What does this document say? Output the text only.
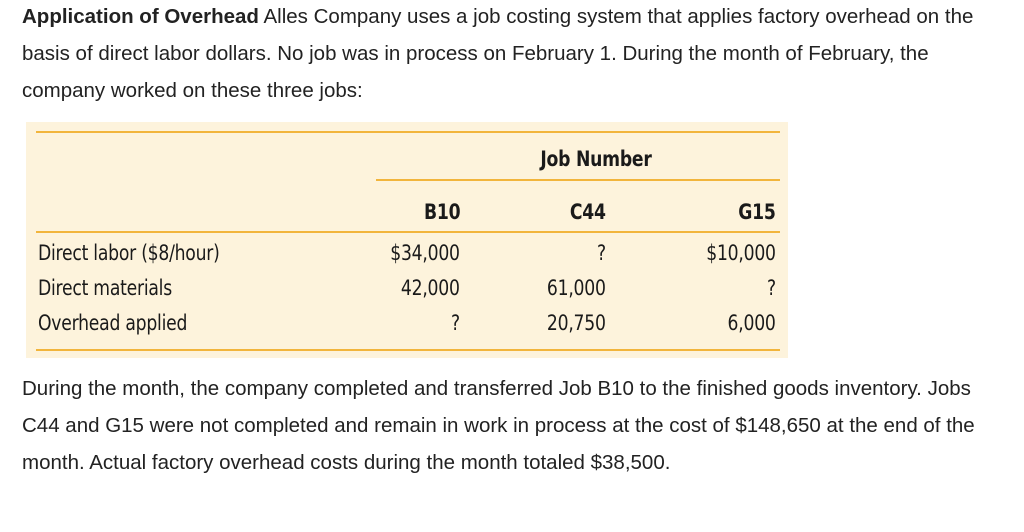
Application of Overhead Alles Company uses a job costing system that applies factory overhead on the basis of direct labor dollars. No job was in process on February 1. During the month of February, the company worked on these three jobs:

Job Number
B10	C44	G15
Direct labor ($8/hour)	$34,000	?	$10,000
Direct materials	42,000	61,000	?
Overhead applied	?	20,750	6,000

During the month, the company completed and transferred Job B10 to the finished goods inventory. Jobs C44 and G15 were not completed and remain in work in process at the cost of $148,650 at the end of the month. Actual factory overhead costs during the month totaled $38,500.
